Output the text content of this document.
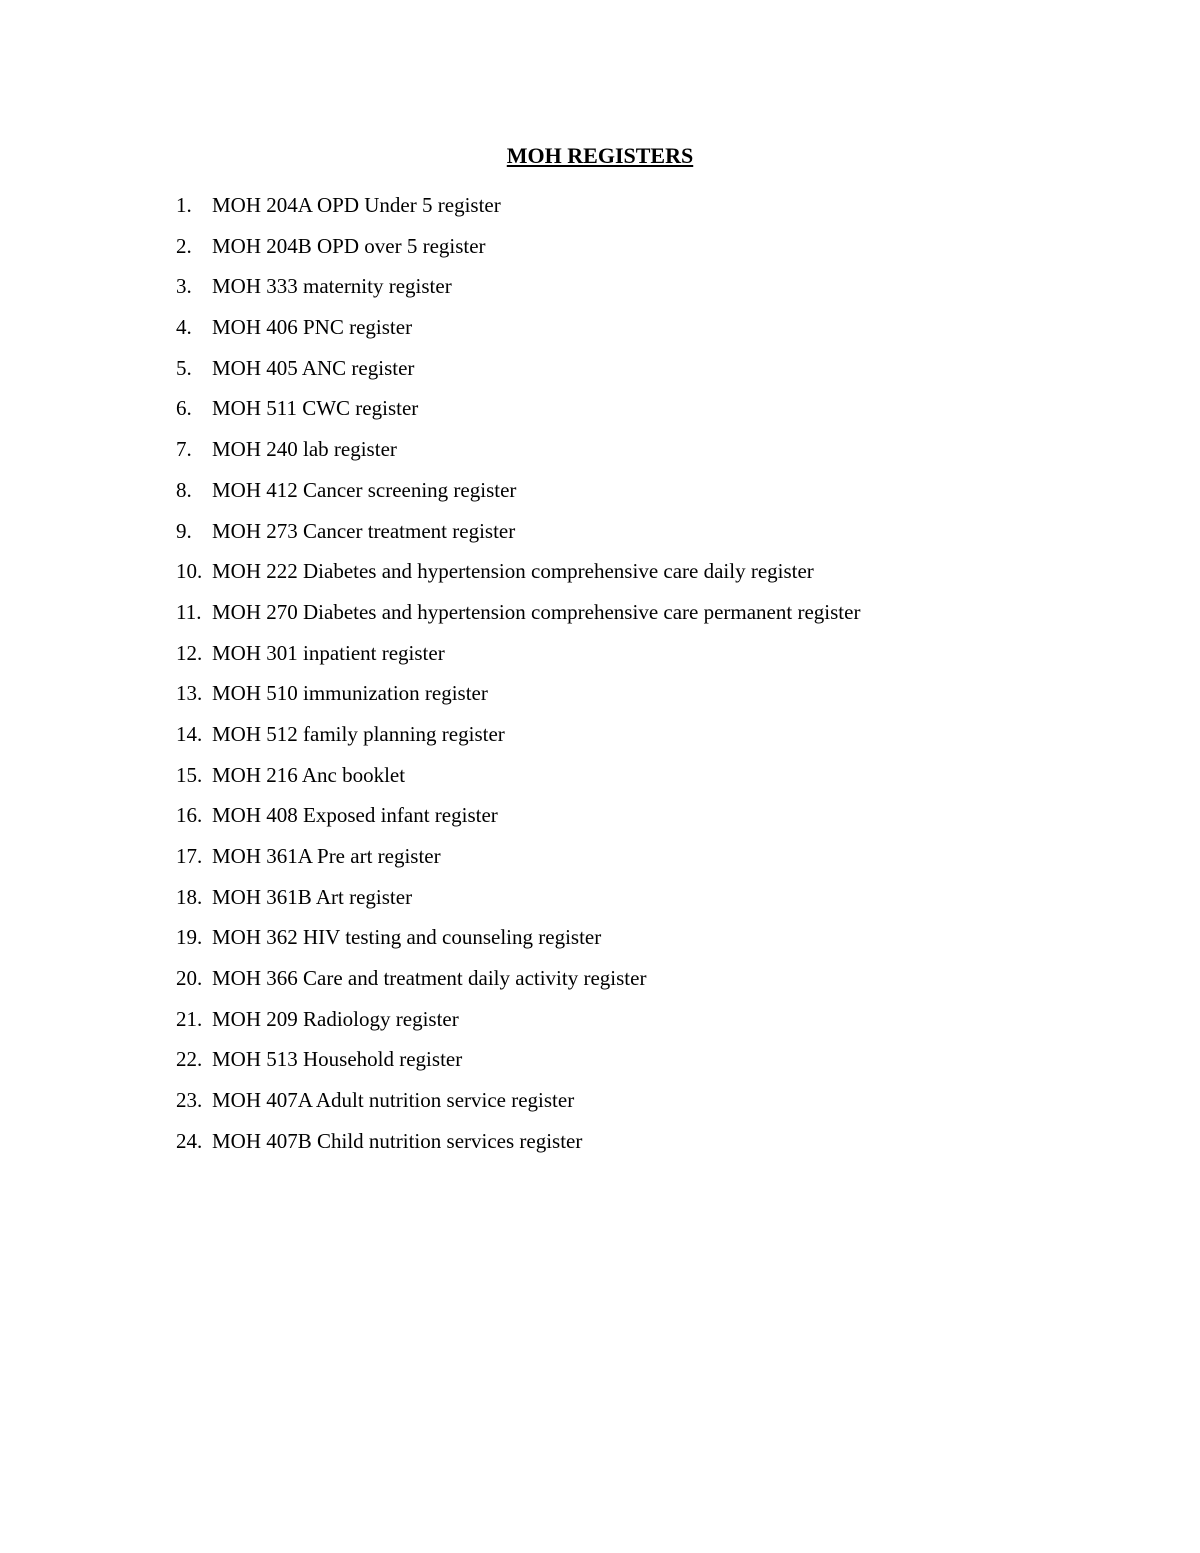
MOH REGISTERS
1. MOH 204A OPD Under 5 register
2. MOH 204B OPD over 5 register
3. MOH 333 maternity register
4. MOH 406 PNC register
5. MOH 405 ANC register
6. MOH 511 CWC register
7. MOH 240 lab register
8. MOH 412 Cancer screening register
9. MOH 273 Cancer treatment register
10. MOH 222 Diabetes and hypertension comprehensive care daily register
11. MOH 270 Diabetes and hypertension comprehensive care permanent register
12. MOH 301 inpatient register
13. MOH 510 immunization register
14. MOH 512 family planning register
15. MOH 216 Anc booklet
16. MOH 408 Exposed infant register
17. MOH 361A Pre art register
18. MOH 361B Art register
19. MOH 362 HIV testing and counseling register
20. MOH 366 Care and treatment daily activity register
21. MOH 209 Radiology register
22. MOH 513 Household register
23. MOH 407A Adult nutrition service register
24. MOH 407B Child nutrition services register
